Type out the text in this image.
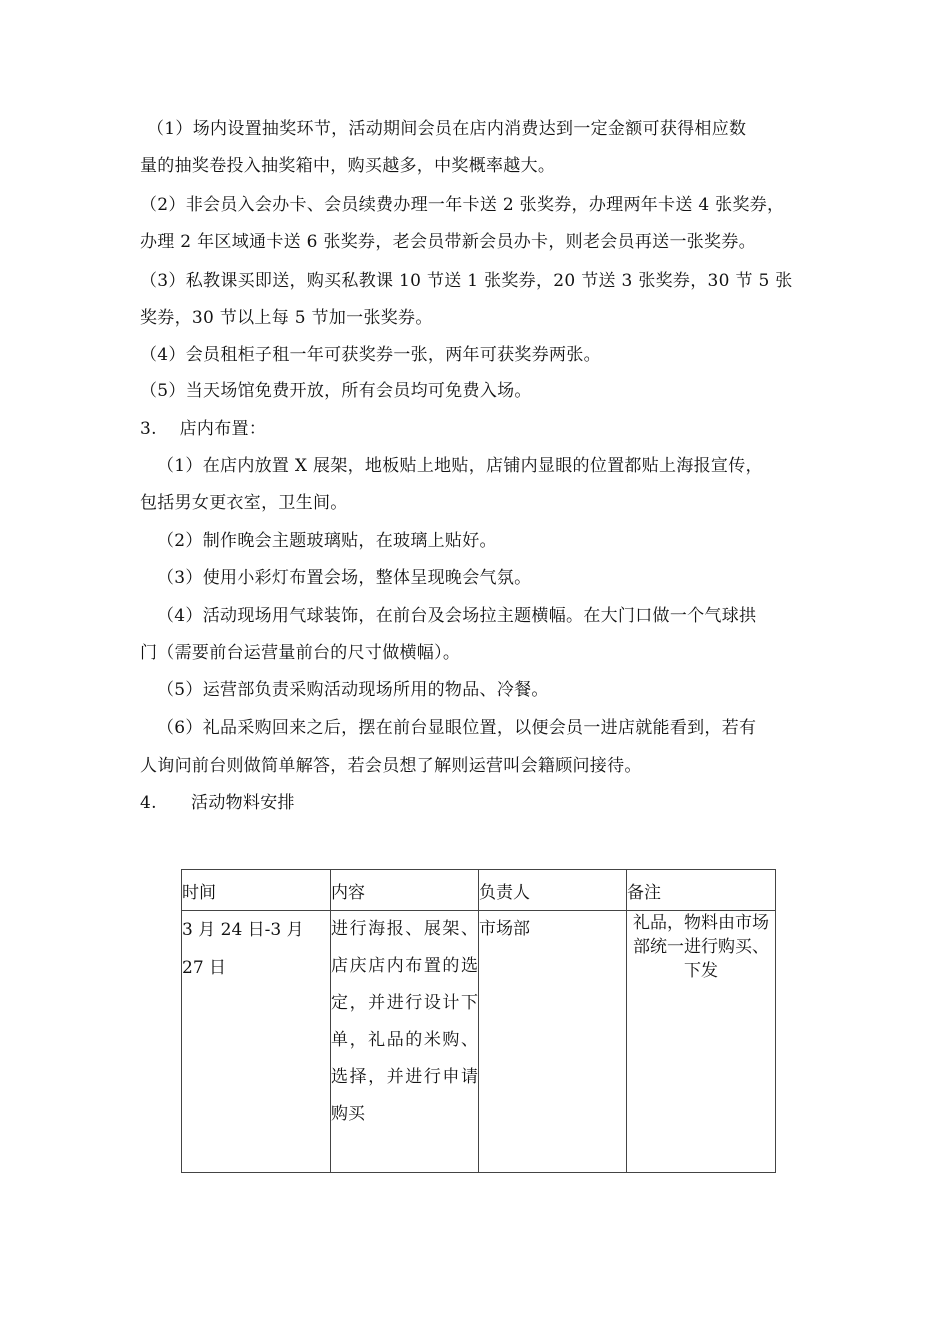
（1）场内设置抽奖环节，活动期间会员在店内消费达到一定金额可获得相应数
量的抽奖卷投入抽奖箱中，购买越多，中奖概率越大。
（2）非会员入会办卡、会员续费办理一年卡送 2 张奖券，办理两年卡送 4 张奖券，
办理 2 年区域通卡送 6 张奖券，老会员带新会员办卡，则老会员再送一张奖券。
（3）私教课买即送，购买私教课 10 节送 1 张奖券，20 节送 3 张奖券，30 节 5 张
奖券，30 节以上每 5 节加一张奖券。
（4）会员租柜子租一年可获奖券一张，两年可获奖券两张。
（5）当天场馆免费开放，所有会员均可免费入场。
3.    店内布置：
（1）在店内放置 X 展架，地板贴上地贴，店铺内显眼的位置都贴上海报宣传，
包括男女更衣室，卫生间。
（2）制作晚会主题玻璃贴，在玻璃上贴好。
（3）使用小彩灯布置会场，整体呈现晚会气氛。
（4）活动现场用气球装饰，在前台及会场拉主题横幅。在大门口做一个气球拱
门（需要前台运营量前台的尺寸做横幅）。
（5）运营部负责采购活动现场所用的物品、冷餐。
（6）礼品采购回来之后，摆在前台显眼位置，以便会员一进店就能看到，若有
人询问前台则做简单解答，若会员想了解则运营叫会籍顾问接待。
4.      活动物料安排
时间	内容	负责人	备注
3 月 24 日-3 月 27 日	进行海报、展架、店庆店内布置的选定，并进行设计下单，礼品的米购、选择，并进行申请购买	市场部	礼品，物料由市场部统一进行购买、下发
